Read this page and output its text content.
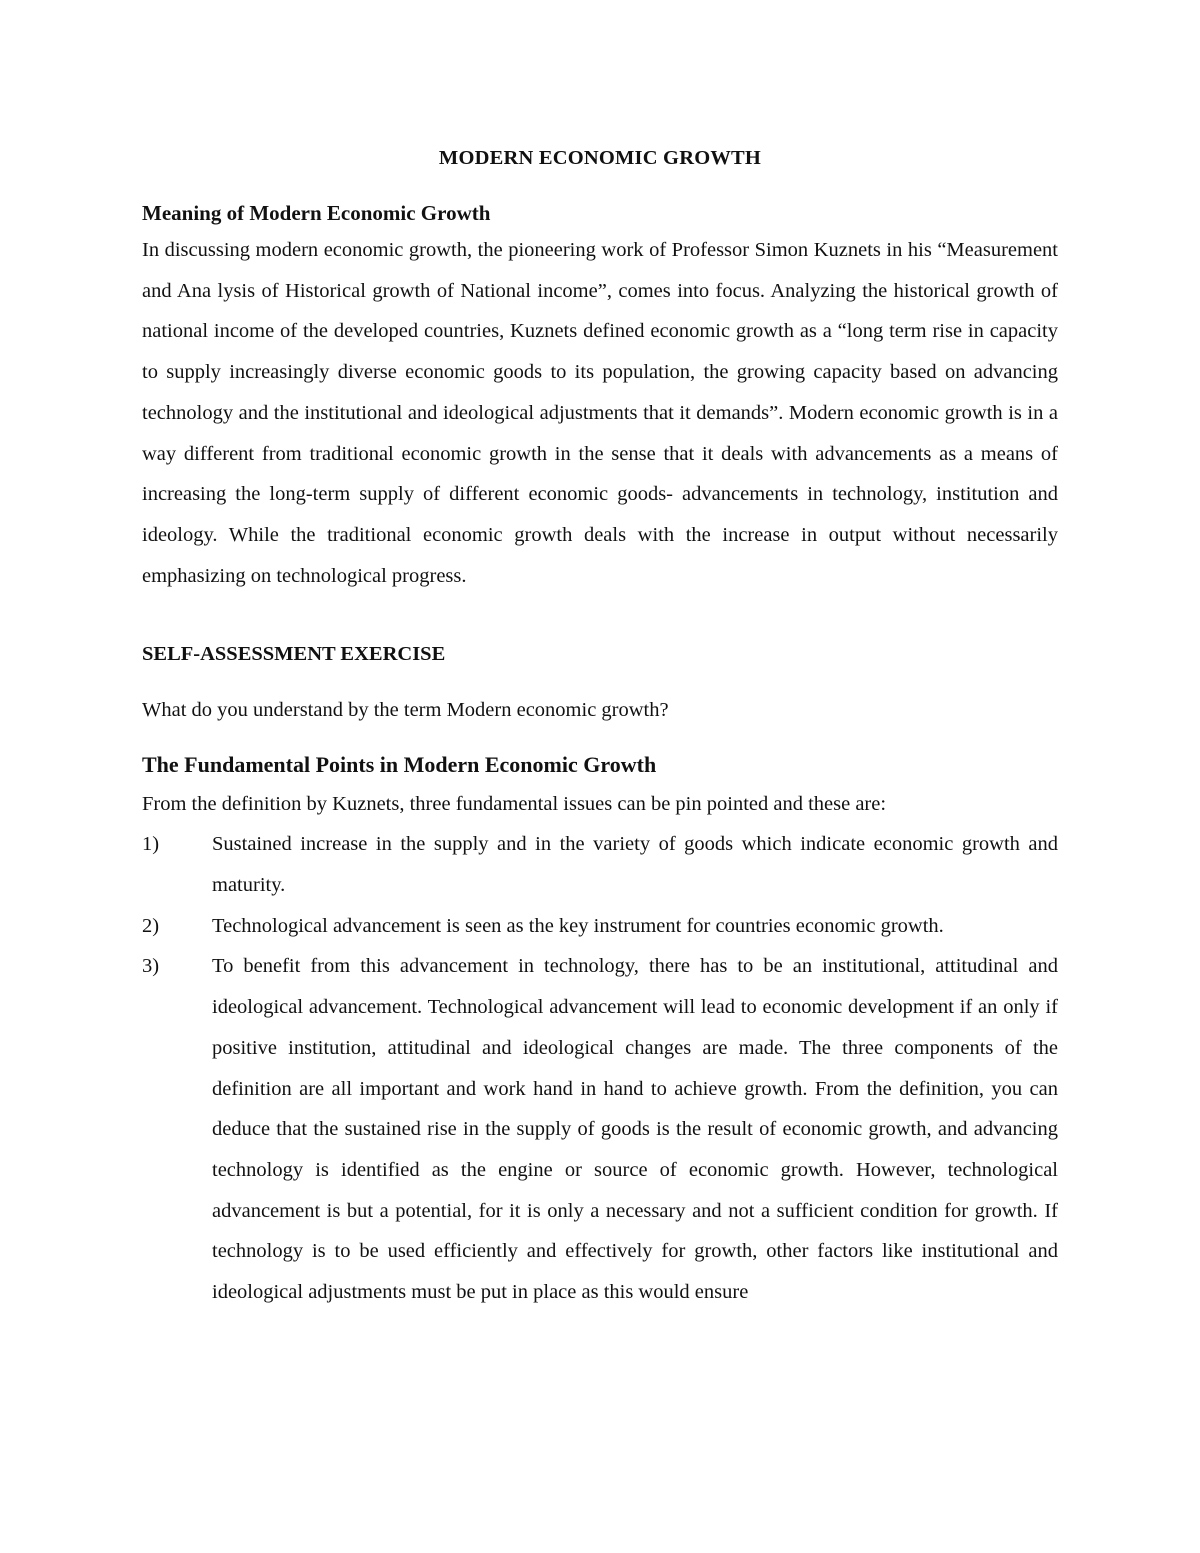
MODERN ECONOMIC GROWTH
Meaning of Modern Economic Growth

In discussing modern economic growth, the pioneering work of Professor Simon Kuznets in his “Measurement and Ana lysis of Historical growth of National income”, comes into focus. Analyzing the historical growth of national income of the developed countries, Kuznets defined economic growth as a “long term rise in capacity to supply increasingly diverse economic goods to its population, the growing capacity based on advancing technology and the institutional and ideological adjustments that it demands”. Modern economic growth is in a way different from traditional economic growth in the sense that it deals with advancements as a means of increasing the long-term supply of different economic goods- advancements in technology, institution and ideology. While the traditional economic growth deals with the increase in output without necessarily emphasizing on technological progress.

SELF-ASSESSMENT EXERCISE
What do you understand by the term Modern economic growth?
The Fundamental Points in Modern Economic Growth
From the definition by Kuznets, three fundamental issues can be pin pointed and these are:
1)	Sustained increase in the supply and in the variety of goods which indicate economic growth and maturity.
2)	Technological advancement is seen as the key instrument for countries economic growth.
3)	To benefit from this advancement in technology, there has to be an institutional, attitudinal and ideological advancement. Technological advancement will lead to economic development if an only if positive institution, attitudinal and ideological changes are made. The three components of the definition are all important and work hand in hand to achieve growth. From the definition, you can deduce that the sustained rise in the supply of goods is the result of economic growth, and advancing technology is identified as the engine or source of economic growth. However, technological advancement is but a potential, for it is only a necessary and not a sufficient condition for growth. If technology is to be used efficiently and effectively for growth, other factors like institutional and ideological adjustments must be put in place as this would ensure
